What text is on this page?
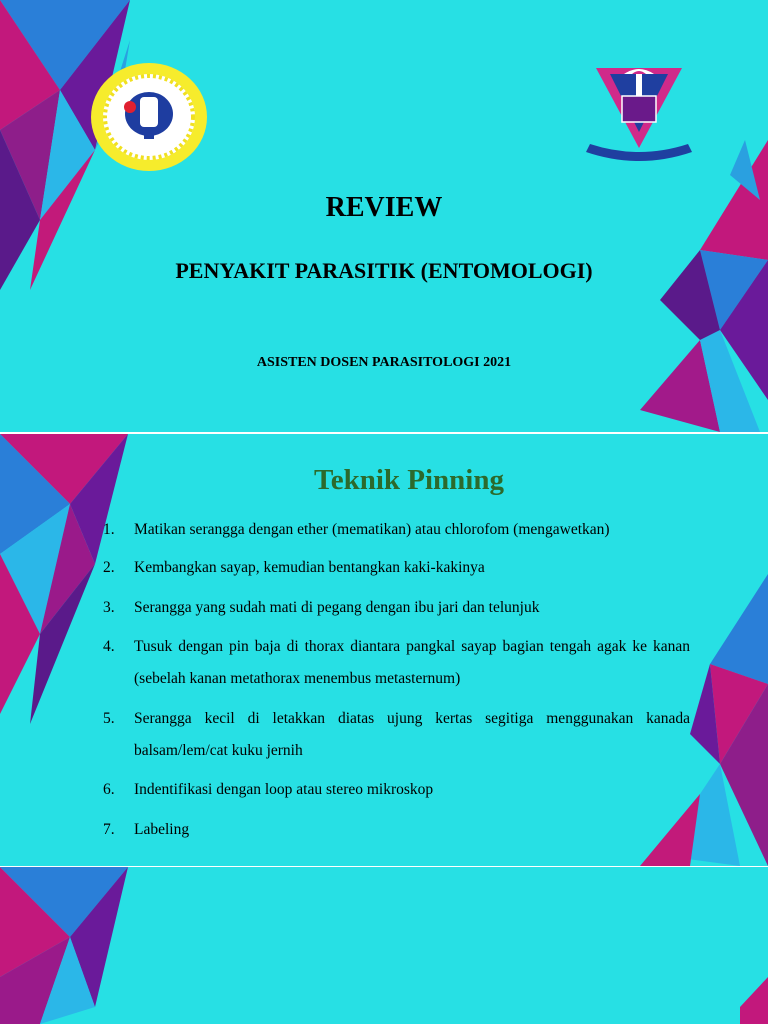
REVIEW
PENYAKIT PARASITIK (ENTOMOLOGI)

ASISTEN DOSEN PARASITOLOGI 2021

Teknik Pinning
1. Matikan serangga dengan ether (mematikan) atau chlorofom (mengawetkan)
2. Kembangkan sayap, kemudian bentangkan kaki-kakinya
3. Serangga yang sudah mati di pegang dengan ibu jari dan telunjuk
4. Tusuk dengan pin baja di thorax diantara pangkal sayap bagian tengah agak ke kanan (sebelah kanan metathorax menembus metasternum)
5. Serangga kecil di letakkan diatas ujung kertas segitiga menggunakan kanada balsam/lem/cat kuku jernih
6. Indentifikasi dengan loop atau stereo mikroskop
7. Labeling
